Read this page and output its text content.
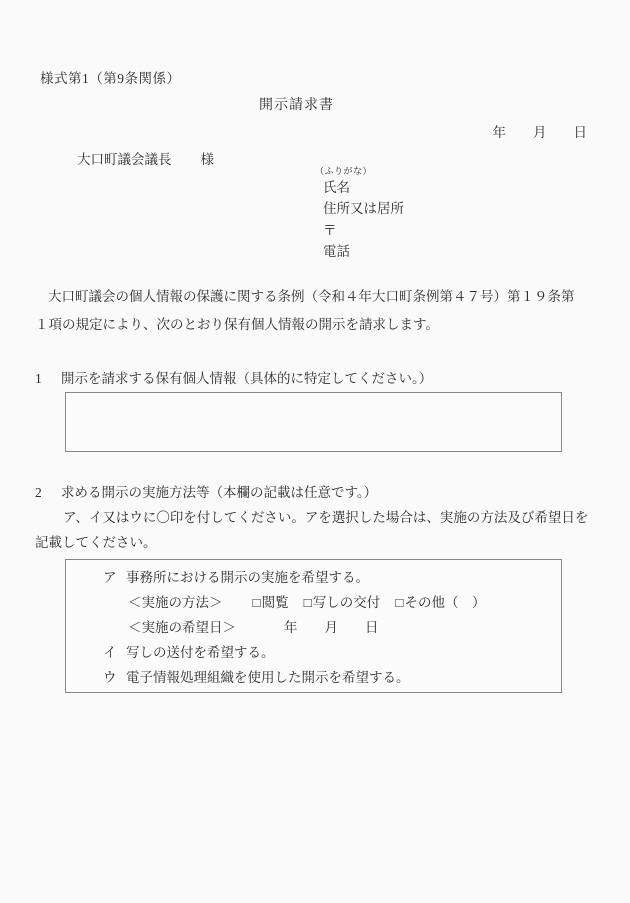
様式第1（第9条関係）
開示請求書
年　　月　　日
大口町議会議長 様
（ふりがな）
氏名
住所又は居所
〒
電話
大口町議会の個人情報の保護に関する条例（令和４年大口町条例第４７号）第１９条第
１項の規定により、次のとおり保有個人情報の開示を請求します。
1 開示を請求する保有個人情報（具体的に特定してください。）
2 求める開示の実施方法等（本欄の記載は任意です。）
ア、イ又はウに〇印を付してください。アを選択した場合は、実施の方法及び希望日を
記載してください。
ア 事務所における開示の実施を希望する。
＜実施の方法＞ □閲覧 □写しの交付 □その他（　）
＜実施の希望日＞	年　　月　　日
イ 写しの送付を希望する。
ウ 電子情報処理組織を使用した開示を希望する。
